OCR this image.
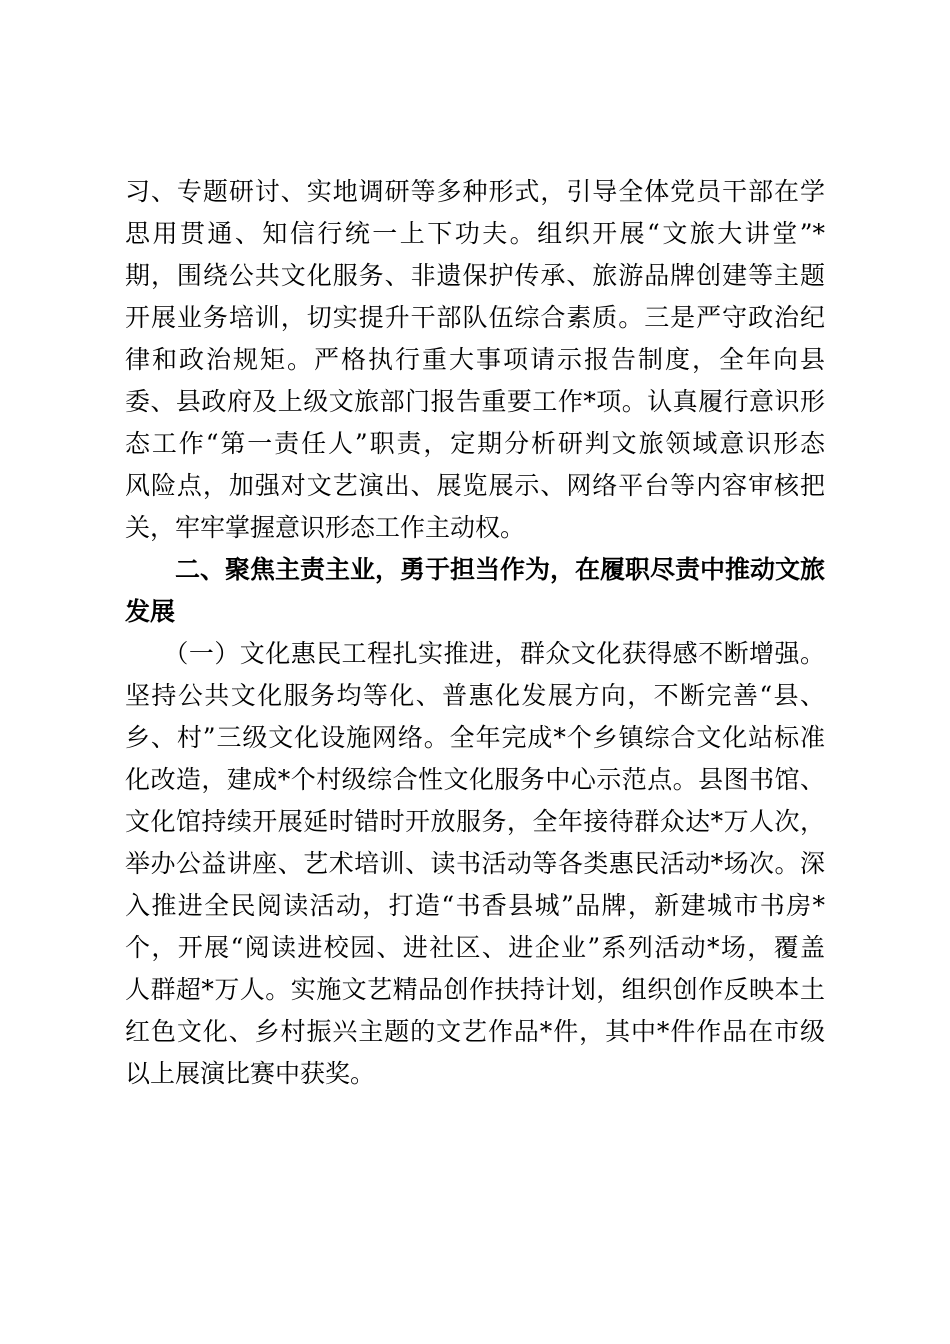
习、专题研讨、实地调研等多种形式，引导全体党员干部在学
思用贯通、知信行统一上下功夫。组织开展“文旅大讲堂”*
期，围绕公共文化服务、非遗保护传承、旅游品牌创建等主题
开展业务培训，切实提升干部队伍综合素质。三是严守政治纪
律和政治规矩。严格执行重大事项请示报告制度，全年向县
委、县政府及上级文旅部门报告重要工作*项。认真履行意识形
态工作“第一责任人”职责，定期分析研判文旅领域意识形态
风险点，加强对文艺演出、展览展示、网络平台等内容审核把
关，牢牢掌握意识形态工作主动权。
　　二、聚焦主责主业，勇于担当作为，在履职尽责中推动文旅
发展
　　（一）文化惠民工程扎实推进，群众文化获得感不断增强。
坚持公共文化服务均等化、普惠化发展方向，不断完善“县、
乡、村”三级文化设施网络。全年完成*个乡镇综合文化站标准
化改造，建成*个村级综合性文化服务中心示范点。县图书馆、
文化馆持续开展延时错时开放服务，全年接待群众达*万人次，
举办公益讲座、艺术培训、读书活动等各类惠民活动*场次。深
入推进全民阅读活动，打造“书香县城”品牌，新建城市书房*
个，开展“阅读进校园、进社区、进企业”系列活动*场，覆盖
人群超*万人。实施文艺精品创作扶持计划，组织创作反映本土
红色文化、乡村振兴主题的文艺作品*件，其中*件作品在市级
以上展演比赛中获奖。
